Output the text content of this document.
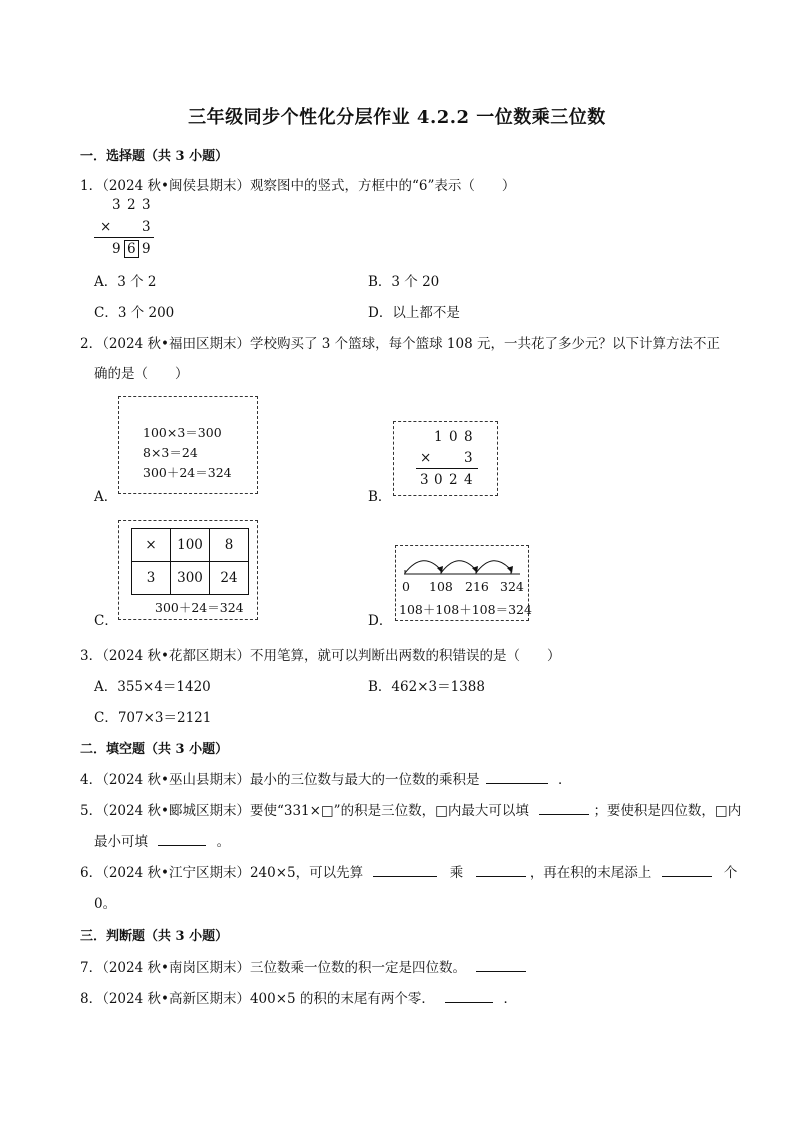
三年级同步个性化分层作业 4.2.2 一位数乘三位数
一．选择题（共 3 小题）
1．（2024 秋•闽侯县期末）观察图中的竖式，方框中的“6”表示（　　）
3 2 3
× 3
9 6 9
A．3 个 2	B．3 个 20
C．3 个 200	D．以上都不是
2．（2024 秋•福田区期末）学校购买了 3 个篮球，每个篮球 108 元，一共花了多少元？以下计算方法不正
确的是（　　）
A．
100×3＝300
8×3＝24
300＋24＝324
B．
1 0 8
× 3
3 0 2 4
C．
×	100	8
3	300	24
300＋24＝324
D．
0 108 216 324
108＋108＋108＝324
3．（2024 秋•花都区期末）不用笔算，就可以判断出两数的积错误的是（　　）
A．355×4＝1420	B．462×3＝1388
C．707×3＝2121
二．填空题（共 3 小题）
4．（2024 秋•巫山县期末）最小的三位数与最大的一位数的乘积是	．
5．（2024 秋•郾城区期末）要使“331×□”的积是三位数，□内最大可以填	；要使积是四位数，□内
最小可填	。
6．（2024 秋•江宁区期末）240×5，可以先算	乘	，再在积的末尾添上	个
0。
三．判断题（共 3 小题）
7．（2024 秋•南岗区期末）三位数乘一位数的积一定是四位数。
8．（2024 秋•高新区期末）400×5 的积的末尾有两个零．	．
